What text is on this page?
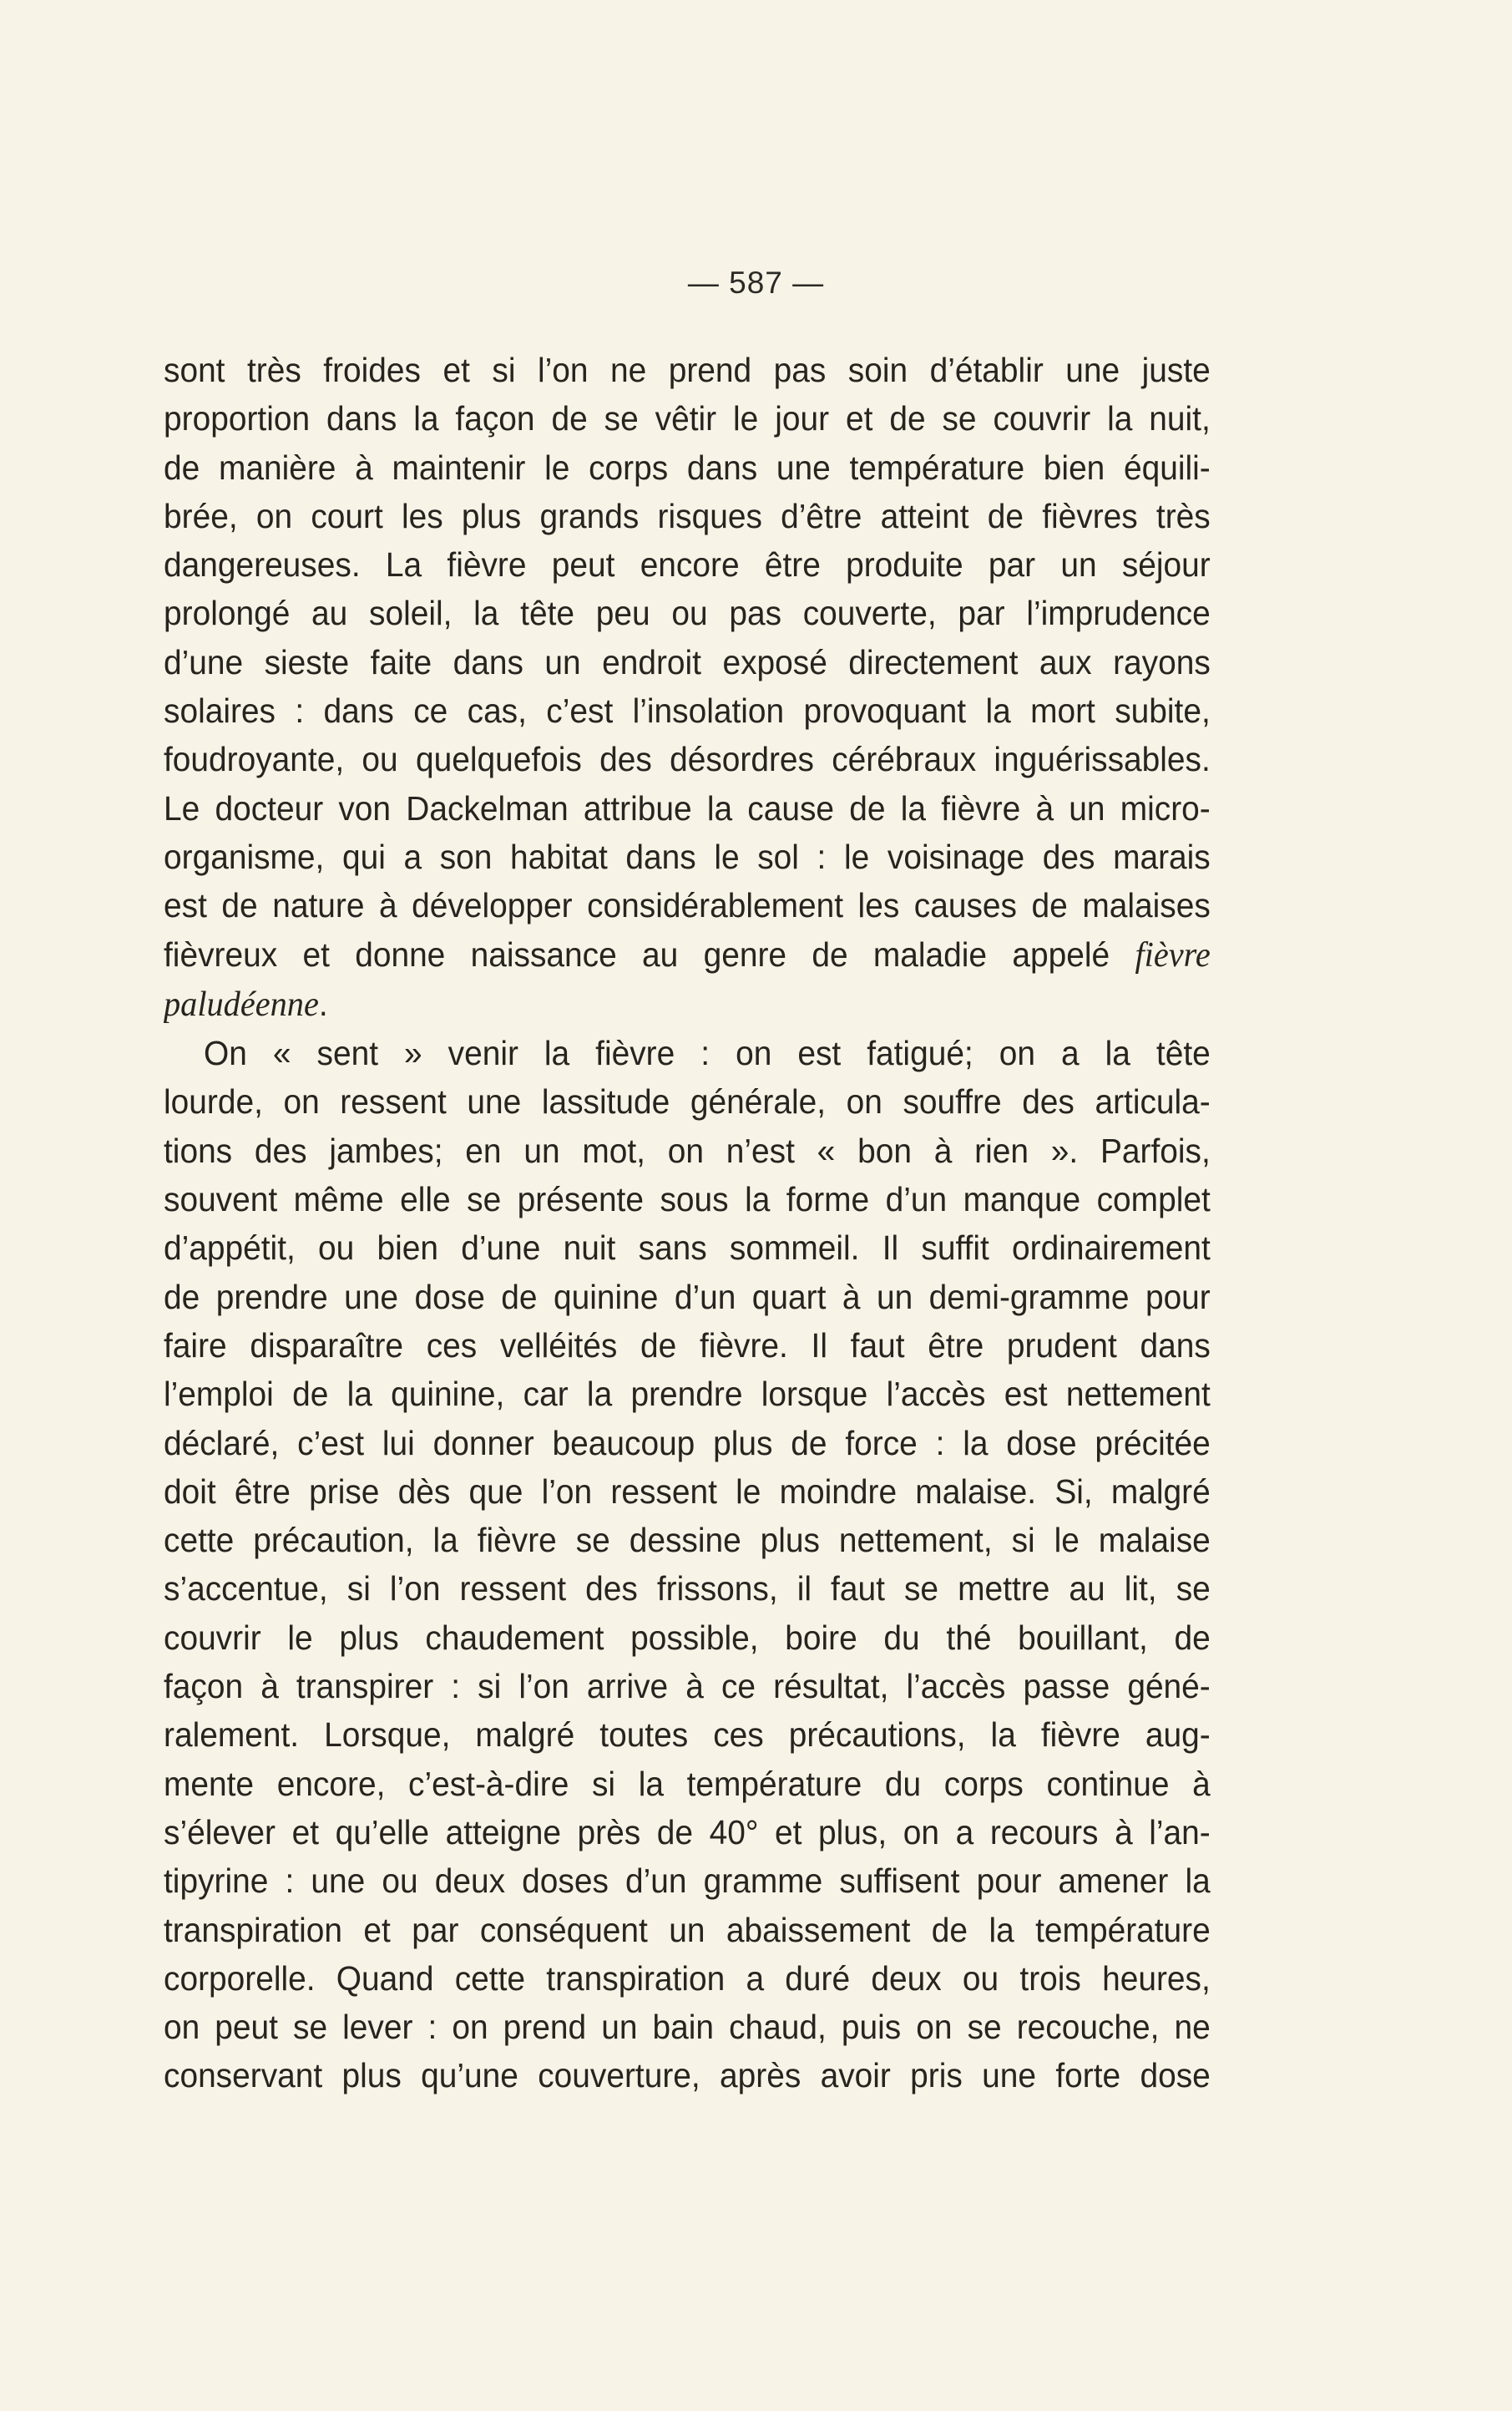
— 587 —
sont très froides et si l’on ne prend pas soin d’établir une juste
proportion dans la façon de se vêtir le jour et de se couvrir la nuit,
de manière à maintenir le corps dans une température bien équili-
brée, on court les plus grands risques d’être atteint de fièvres très
dangereuses. La fièvre peut encore être produite par un séjour
prolongé au soleil, la tête peu ou pas couverte, par l’imprudence
d’une sieste faite dans un endroit exposé directement aux rayons
solaires : dans ce cas, c’est l’insolation provoquant la mort subite,
foudroyante, ou quelquefois des désordres cérébraux inguérissables.
Le docteur von Dackelman attribue la cause de la fièvre à un micro-
organisme, qui a son habitat dans le sol : le voisinage des marais
est de nature à développer considérablement les causes de malaises
fièvreux et donne naissance au genre de maladie appelé fièvre
paludéenne.
On « sent » venir la fièvre : on est fatigué; on a la tête
lourde, on ressent une lassitude générale, on souffre des articula-
tions des jambes; en un mot, on n’est « bon à rien ». Parfois,
souvent même elle se présente sous la forme d’un manque complet
d’appétit, ou bien d’une nuit sans sommeil. Il suffit ordinairement
de prendre une dose de quinine d’un quart à un demi-gramme pour
faire disparaître ces velléités de fièvre. Il faut être prudent dans
l’emploi de la quinine, car la prendre lorsque l’accès est nettement
déclaré, c’est lui donner beaucoup plus de force : la dose précitée
doit être prise dès que l’on ressent le moindre malaise. Si, malgré
cette précaution, la fièvre se dessine plus nettement, si le malaise
s’accentue, si l’on ressent des frissons, il faut se mettre au lit, se
couvrir le plus chaudement possible, boire du thé bouillant, de
façon à transpirer : si l’on arrive à ce résultat, l’accès passe géné-
ralement. Lorsque, malgré toutes ces précautions, la fièvre aug-
mente encore, c’est-à-dire si la température du corps continue à
s’élever et qu’elle atteigne près de 40° et plus, on a recours à l’an-
tipyrine : une ou deux doses d’un gramme suffisent pour amener la
transpiration et par conséquent un abaissement de la température
corporelle. Quand cette transpiration a duré deux ou trois heures,
on peut se lever : on prend un bain chaud, puis on se recouche, ne
conservant plus qu’une couverture, après avoir pris une forte dose
